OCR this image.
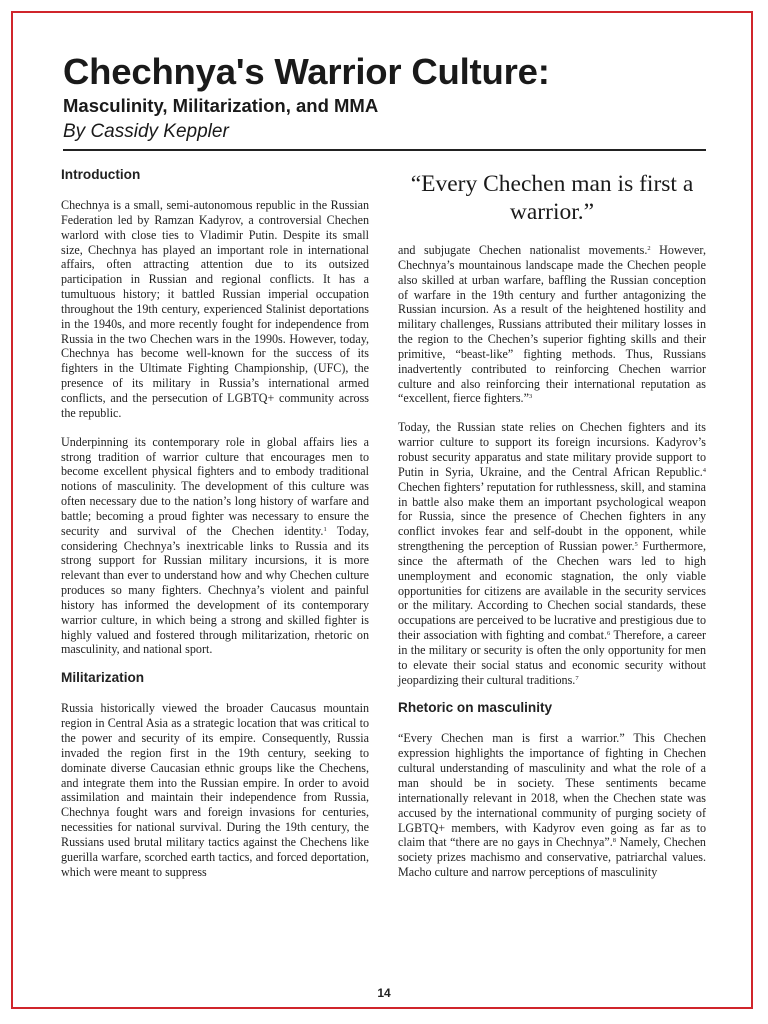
Chechnya's Warrior Culture:
Masculinity, Militarization, and MMA
By Cassidy Keppler
Introduction

Chechnya is a small, semi-autonomous republic in the Russian Federation led by Ramzan Kadyrov, a controversial Chechen warlord with close ties to Vladimir Putin. Despite its small size, Chechnya has played an important role in international affairs, often attracting attention due to its outsized participation in Russian and regional conflicts. It has a tumultuous history; it battled Russian imperial occupation throughout the 19th century, experienced Stalinist deportations in the 1940s, and more recently fought for independence from Russia in the two Chechen wars in the 1990s. However, today, Chechnya has become well-known for the success of its fighters in the Ultimate Fighting Championship, (UFC), the presence of its military in Russia’s international armed conflicts, and the persecution of LGBTQ+ community across the republic.

Underpinning its contemporary role in global affairs lies a strong tradition of warrior culture that encourages men to become excellent physical fighters and to embody traditional notions of masculinity. The development of this culture was often necessary due to the nation’s long history of warfare and battle; becoming a proud fighter was necessary to ensure the security and survival of the Chechen identity.$^1$ Today, considering Chechnya’s inextricable links to Russia and its strong support for Russian military incursions, it is more relevant than ever to understand how and why Chechen culture produces so many fighters. Chechnya’s violent and painful history has informed the development of its contemporary warrior culture, in which being a strong and skilled fighter is highly valued and fostered through militarization, rhetoric on masculinity, and national sport.

Militarization

Russia historically viewed the broader Caucasus mountain region in Central Asia as a strategic location that was critical to the power and security of its empire. Consequently, Russia invaded the region first in the 19th century, seeking to dominate diverse Caucasian ethnic groups like the Chechens, and integrate them into the Russian empire. In order to avoid assimilation and maintain their independence from Russia, Chechnya fought wars and foreign invasions for centuries, necessities for national survival. During the 19th century, the Russians used brutal military tactics against the Chechens like guerilla warfare, scorched earth tactics, and forced deportation, which were meant to suppress

“Every Chechen man is first a warrior.”

and subjugate Chechen nationalist movements.$^2$ However, Chechnya’s mountainous landscape made the Chechen people also skilled at urban warfare, baffling the Russian conception of warfare in the 19th century and further antagonizing the Russian incursion. As a result of the heightened hostility and military challenges, Russians attributed their military losses in the region to the Chechen’s superior fighting skills and their primitive, “beast-like” fighting methods. Thus, Russians inadvertently contributed to reinforcing Chechen warrior culture and also reinforcing their international reputation as “excellent, fierce fighters.”$^3$

Today, the Russian state relies on Chechen fighters and its warrior culture to support its foreign incursions. Kadyrov’s robust security apparatus and state military provide support to Putin in Syria, Ukraine, and the Central African Republic.$^4$ Chechen fighters’ reputation for ruthlessness, skill, and stamina in battle also make them an important psychological weapon for Russia, since the presence of Chechen fighters in any conflict invokes fear and self-doubt in the opponent, while strengthening the perception of Russian power.$^5$ Furthermore, since the aftermath of the Chechen wars led to high unemployment and economic stagnation, the only viable opportunities for citizens are available in the security services or the military. According to Chechen social standards, these occupations are perceived to be lucrative and prestigious due to their association with fighting and combat.$^6$ Therefore, a career in the military or security is often the only opportunity for men to elevate their social status and economic security without jeopardizing their cultural traditions.$^7$

Rhetoric on masculinity

“Every Chechen man is first a warrior.” This Chechen expression highlights the importance of fighting in Chechen cultural understanding of masculinity and what the role of a man should be in society. These sentiments became internationally relevant in 2018, when the Chechen state was accused by the international community of purging society of LGBTQ+ members, with Kadyrov even going as far as to claim that “there are no gays in Chechnya”.$^8$ Namely, Chechen society prizes machismo and conservative, patriarchal values. Macho culture and narrow perceptions of masculinity

14
